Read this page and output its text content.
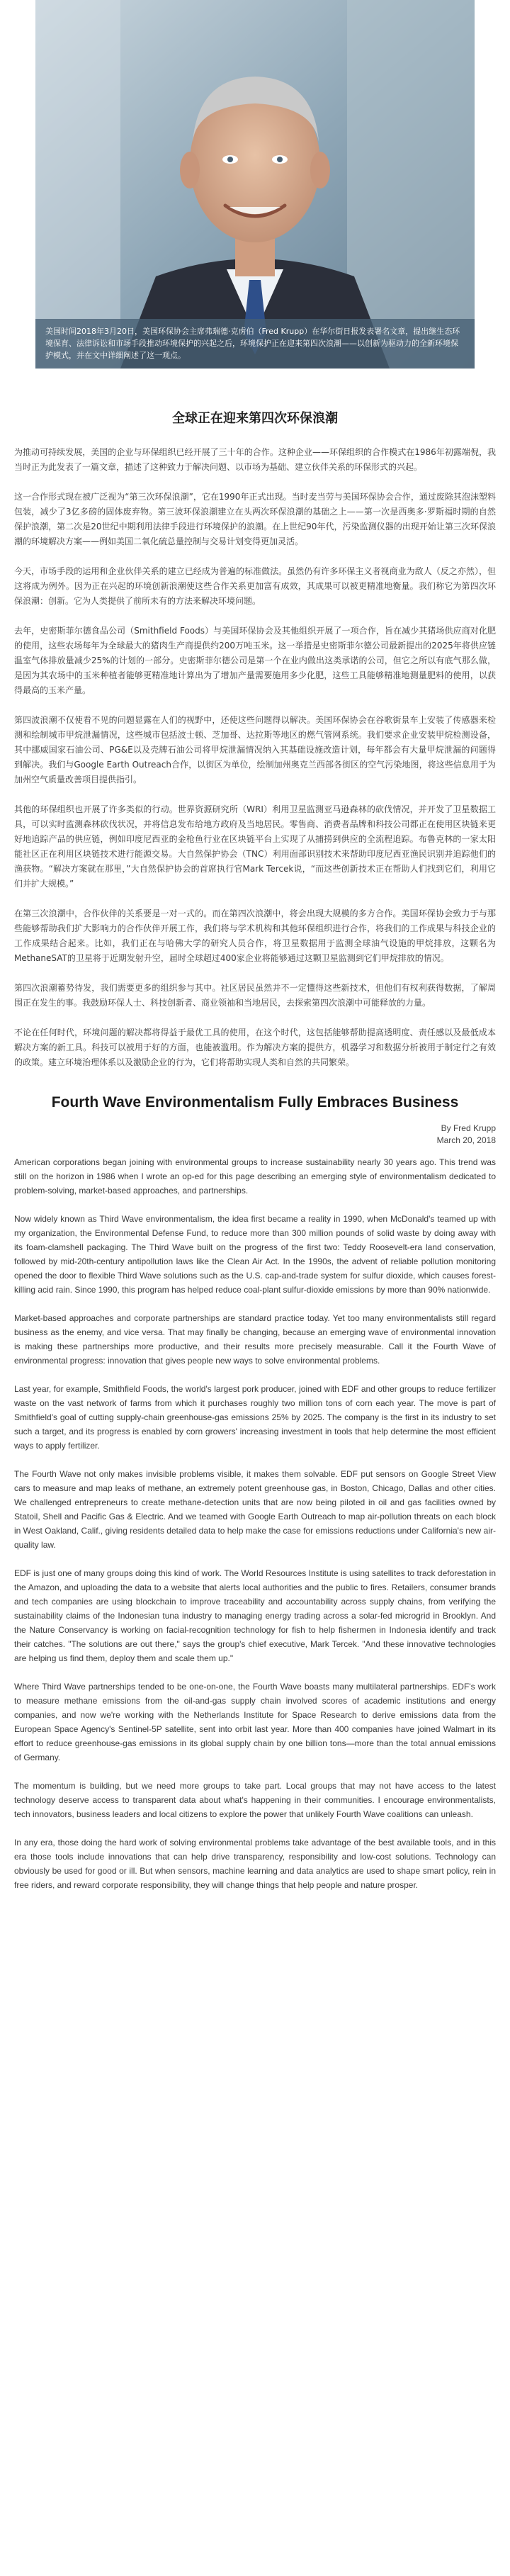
美国时间2018年3月20日，美国环保协会主席弗瑞德·克虏伯（Fred Krupp）在华尔街日报发表署名文章，提出继生态环境保育、法律诉讼和市场手段推动环境保护的兴起之后，环境保护正在迎来第四次浪潮——以创新为驱动力的全新环境保护模式，并在文中详细阐述了这一观点。
全球正在迎来第四次环保浪潮

为推动可持续发展，美国的企业与环保组织已经开展了三十年的合作。这种企业——环保组织的合作模式在1986年初露端倪，我当时正为此发表了一篇文章，描述了这种致力于解决问题、以市场为基础、建立伙伴关系的环保形式的兴起。

这一合作形式现在被广泛视为“第三次环保浪潮”，它在1990年正式出现。当时麦当劳与美国环保协会合作，通过废除其泡沫塑料包装，减少了3亿多磅的固体废弃物。第三波环保浪潮建立在头两次环保浪潮的基础之上——第一次是西奥多·罗斯福时期的自然保护浪潮，第二次是20世纪中期利用法律手段进行环境保护的浪潮。在上世纪90年代，污染监测仪器的出现开始让第三次环保浪潮的环境解决方案——例如美国二氧化硫总量控制与交易计划变得更加灵活。

今天，市场手段的运用和企业伙伴关系的建立已经成为普遍的标准做法。虽然仍有许多环保主义者视商业为敌人（反之亦然），但这将成为例外。因为正在兴起的环境创新浪潮使这些合作关系更加富有成效，其成果可以被更精准地衡量。我们称它为第四次环保浪潮：创新。它为人类提供了前所未有的方法来解决环境问题。

去年，史密斯菲尔德食品公司（Smithfield Foods）与美国环保协会及其他组织开展了一项合作，旨在减少其猪场供应商对化肥的使用，这些农场每年为全球最大的猪肉生产商提供约200万吨玉米。这一举措是史密斯菲尔德公司最新提出的2025年将供应链温室气体排放量减少25%的计划的一部分。史密斯菲尔德公司是第一个在业内做出这类承诺的公司，但它之所以有底气那么做，是因为其农场中的玉米种植者能够更精准地计算出为了增加产量需要施用多少化肥，这些工具能够精准地测量肥料的使用，以获得最高的玉米产量。

第四波浪潮不仅使看不见的问题显露在人们的视野中，还使这些问题得以解决。美国环保协会在谷歌街景车上安装了传感器来检测和绘制城市甲烷泄漏情况，这些城市包括波士顿、芝加哥、达拉斯等地区的燃气管网系统。我们要求企业安装甲烷检测设备，其中挪威国家石油公司、PG&E以及壳牌石油公司将甲烷泄漏情况纳入其基础设施改造计划，每年都会有大量甲烷泄漏的问题得到解决。我们与Google Earth Outreach合作，以街区为单位，绘制加州奥克兰西部各街区的空气污染地图，将这些信息用于为加州空气质量改善项目提供指引。

其他的环保组织也开展了许多类似的行动。世界资源研究所（WRI）利用卫星监测亚马逊森林的砍伐情况，并开发了卫星数据工具，可以实时监测森林砍伐状况，并将信息发布给地方政府及当地居民。零售商、消费者品牌和科技公司都正在使用区块链来更好地追踪产品的供应链，例如印度尼西亚的金枪鱼行业在区块链平台上实现了从捕捞到供应的全流程追踪。布鲁克林的一家太阳能社区正在利用区块链技术进行能源交易。大自然保护协会（TNC）利用面部识别技术来帮助印度尼西亚渔民识别并追踪他们的渔获物。“解决方案就在那里，”大自然保护协会的首席执行官Mark Tercek说，“而这些创新技术正在帮助人们找到它们，利用它们并扩大规模。”

在第三次浪潮中，合作伙伴的关系要是一对一式的。而在第四次浪潮中，将会出现大规模的多方合作。美国环保协会致力于与那些能够帮助我们扩大影响力的合作伙伴开展工作，我们将与学术机构和其他环保组织进行合作，将我们的工作成果与科技企业的工作成果结合起来。比如，我们正在与哈佛大学的研究人员合作，将卫星数据用于监测全球油气设施的甲烷排放，这颗名为MethaneSAT的卫星将于近期发射升空，届时全球超过400家企业将能够通过这颗卫星监测到它们甲烷排放的情况。

第四次浪潮蓄势待发，我们需要更多的组织参与其中。社区居民虽然并不一定懂得这些新技术，但他们有权利获得数据，了解周围正在发生的事。我鼓励环保人士、科技创新者、商业领袖和当地居民，去探索第四次浪潮中可能释放的力量。

不论在任何时代，环境问题的解决都将得益于最优工具的使用，在这个时代，这包括能够帮助提高透明度、责任感以及最低成本解决方案的新工具。科技可以被用于好的方面，也能被滥用。作为解决方案的提供方，机器学习和数据分析被用于制定行之有效的政策。建立环境治理体系以及激励企业的行为，它们将帮助实现人类和自然的共同繁荣。

Fourth Wave Environmentalism Fully Embraces Business
By Fred Krupp
March 20, 2018

American corporations began joining with environmental groups to increase sustainability nearly 30 years ago. This trend was still on the horizon in 1986 when I wrote an op-ed for this page describing an emerging style of environmentalism dedicated to problem-solving, market-based approaches, and partnerships.

Now widely known as Third Wave environmentalism, the idea first became a reality in 1990, when McDonald's teamed up with my organization, the Environmental Defense Fund, to reduce more than 300 million pounds of solid waste by doing away with its foam-clamshell packaging. The Third Wave built on the progress of the first two: Teddy Roosevelt-era land conservation, followed by mid-20th-century antipollution laws like the Clean Air Act. In the 1990s, the advent of reliable pollution monitoring opened the door to flexible Third Wave solutions such as the U.S. cap-and-trade system for sulfur dioxide, which causes forest-killing acid rain. Since 1990, this program has helped reduce coal-plant sulfur-dioxide emissions by more than 90% nationwide.

Market-based approaches and corporate partnerships are standard practice today. Yet too many environmentalists still regard business as the enemy, and vice versa. That may finally be changing, because an emerging wave of environmental innovation is making these partnerships more productive, and their results more precisely measurable. Call it the Fourth Wave of environmental progress: innovation that gives people new ways to solve environmental problems.

Last year, for example, Smithfield Foods, the world's largest pork producer, joined with EDF and other groups to reduce fertilizer waste on the vast network of farms from which it purchases roughly two million tons of corn each year. The move is part of Smithfield's goal of cutting supply-chain greenhouse-gas emissions 25% by 2025. The company is the first in its industry to set such a target, and its progress is enabled by corn growers' increasing investment in tools that help determine the most efficient ways to apply fertilizer.

The Fourth Wave not only makes invisible problems visible, it makes them solvable. EDF put sensors on Google Street View cars to measure and map leaks of methane, an extremely potent greenhouse gas, in Boston, Chicago, Dallas and other cities. We challenged entrepreneurs to create methane-detection units that are now being piloted in oil and gas facilities owned by Statoil, Shell and Pacific Gas & Electric. And we teamed with Google Earth Outreach to map air-pollution threats on each block in West Oakland, Calif., giving residents detailed data to help make the case for emissions reductions under California's new air-quality law.

EDF is just one of many groups doing this kind of work. The World Resources Institute is using satellites to track deforestation in the Amazon, and uploading the data to a website that alerts local authorities and the public to fires. Retailers, consumer brands and tech companies are using blockchain to improve traceability and accountability across supply chains, from verifying the sustainability claims of the Indonesian tuna industry to managing energy trading across a solar-fed microgrid in Brooklyn. And the Nature Conservancy is working on facial-recognition technology for fish to help fishermen in Indonesia identify and track their catches. "The solutions are out there," says the group's chief executive, Mark Tercek. "And these innovative technologies are helping us find them, deploy them and scale them up."

Where Third Wave partnerships tended to be one-on-one, the Fourth Wave boasts many multilateral partnerships. EDF's work to measure methane emissions from the oil-and-gas supply chain involved scores of academic institutions and energy companies, and now we're working with the Netherlands Institute for Space Research to derive emissions data from the European Space Agency's Sentinel-5P satellite, sent into orbit last year. More than 400 companies have joined Walmart in its effort to reduce greenhouse-gas emissions in its global supply chain by one billion tons—more than the total annual emissions of Germany.

The momentum is building, but we need more groups to take part. Local groups that may not have access to the latest technology deserve access to transparent data about what's happening in their communities. I encourage environmentalists, tech innovators, business leaders and local citizens to explore the power that unlikely Fourth Wave coalitions can unleash.

In any era, those doing the hard work of solving environmental problems take advantage of the best available tools, and in this era those tools include innovations that can help drive transparency, responsibility and low-cost solutions. Technology can obviously be used for good or ill. But when sensors, machine learning and data analytics are used to shape smart policy, rein in free riders, and reward corporate responsibility, they will change things that help people and nature prosper.
